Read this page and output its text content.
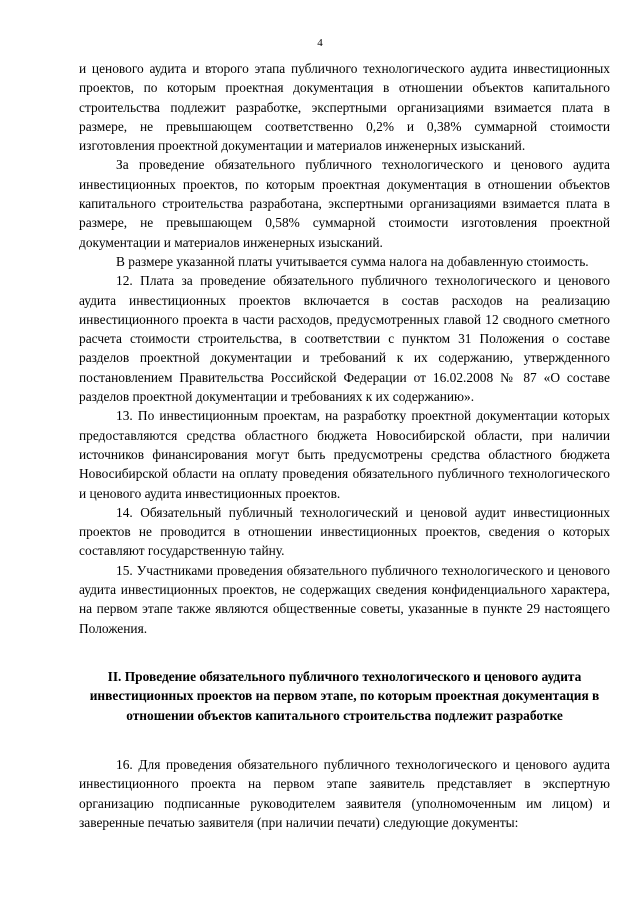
4

и ценового аудита и второго этапа публичного технологического аудита инвестиционных проектов, по которым проектная документация в отношении объектов капитального строительства подлежит разработке, экспертными организациями взимается плата в размере, не превышающем соответственно 0,2% и 0,38% суммарной стоимости изготовления проектной документации и материалов инженерных изысканий.

За проведение обязательного публичного технологического и ценового аудита инвестиционных проектов, по которым проектная документация в отношении объектов капитального строительства разработана, экспертными организациями взимается плата в размере, не превышающем 0,58% суммарной стоимости изготовления проектной документации и материалов инженерных изысканий.

В размере указанной платы учитывается сумма налога на добавленную стоимость.

12. Плата за проведение обязательного публичного технологического и ценового аудита инвестиционных проектов включается в состав расходов на реализацию инвестиционного проекта в части расходов, предусмотренных главой 12 сводного сметного расчета стоимости строительства, в соответствии с пунктом 31 Положения о составе разделов проектной документации и требований к их содержанию, утвержденного постановлением Правительства Российской Федерации от 16.02.2008 № 87 «О составе разделов проектной документации и требованиях к их содержанию».

13. По инвестиционным проектам, на разработку проектной документации которых предоставляются средства областного бюджета Новосибирской области, при наличии источников финансирования могут быть предусмотрены средства областного бюджета Новосибирской области на оплату проведения обязательного публичного технологического и ценового аудита инвестиционных проектов.

14. Обязательный публичный технологический и ценовой аудит инвестиционных проектов не проводится в отношении инвестиционных проектов, сведения о которых составляют государственную тайну.

15. Участниками проведения обязательного публичного технологического и ценового аудита инвестиционных проектов, не содержащих сведения конфиденциального характера, на первом этапе также являются общественные советы, указанные в пункте 29 настоящего Положения.

II. Проведение обязательного публичного технологического и ценового аудита инвестиционных проектов на первом этапе, по которым проектная документация в отношении объектов капитального строительства подлежит разработке

16. Для проведения обязательного публичного технологического и ценового аудита инвестиционного проекта на первом этапе заявитель представляет в экспертную организацию подписанные руководителем заявителя (уполномоченным им лицом) и заверенные печатью заявителя (при наличии печати) следующие документы:
